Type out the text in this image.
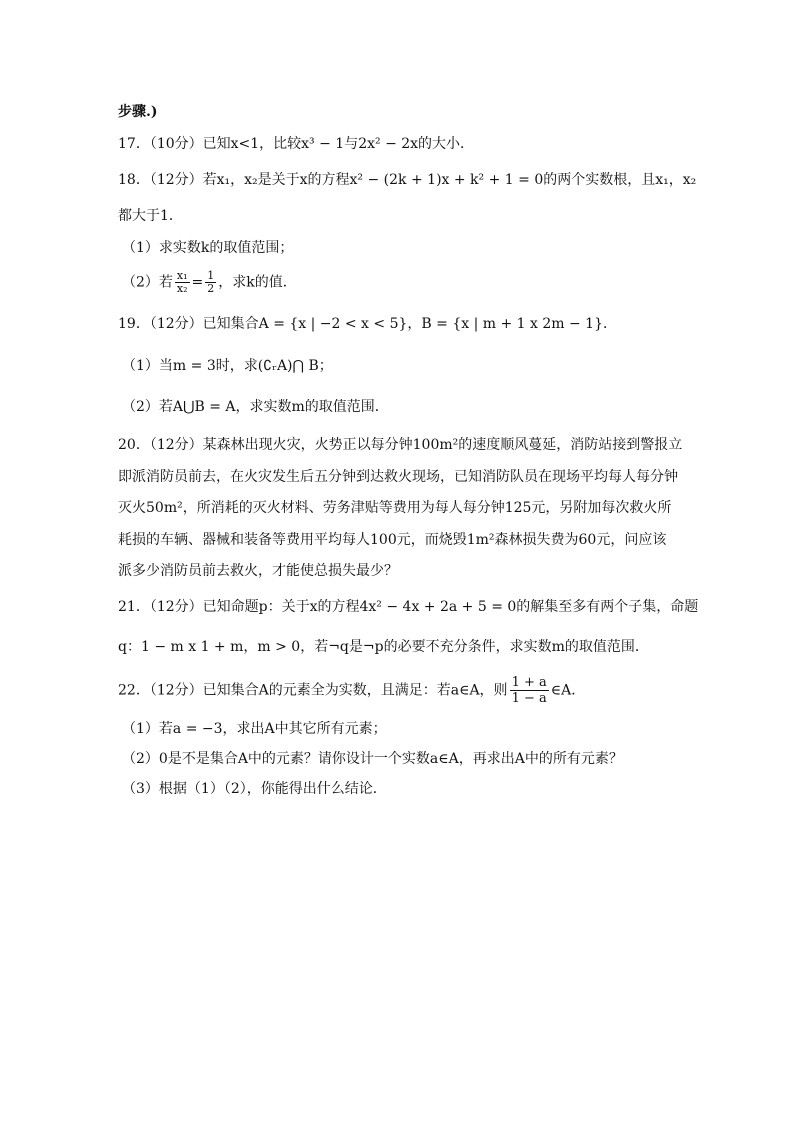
步骤.)
17．（10分）已知x<1，比较x³ − 1与2x² − 2x的大小．
18．（12分）若x₁，x₂是关于x的方程x² − (2k + 1)x + k² + 1 = 0的两个实数根，且x₁，x₂
都大于1．
（1）求实数k的取值范围；
（2）若 $\frac{\text{x₁}}{\text{x₂}} = \frac{1}{2}$ ，求k的值．
19．（12分）已知集合A = {x | −2 < x < 5}，B = {x | m + 1 x 2m − 1}．
（1）当m = 3时，求(∁ᵣA)⋂ B；
（2）若A⋃B = A，求实数m的取值范围．
20．（12分）某森林出现火灾，火势正以每分钟100m²的速度顺风蔓延，消防站接到警报立
即派消防员前去，在火灾发生后五分钟到达救火现场，已知消防队员在现场平均每人每分钟
灭火50m²，所消耗的灭火材料、劳务津贴等费用为每人每分钟125元，另附加每次救火所
耗损的车辆、器械和装备等费用平均每人100元，而烧毁1m²森林损失费为60元，问应该
派多少消防员前去救火，才能使总损失最少？
21．（12分）已知命题p：关于x的方程4x² − 4x + 2a + 5 = 0的解集至多有两个子集，命题
q：1 − m x 1 + m，m > 0，若¬q是¬p的必要不充分条件，求实数m的取值范围．
22．（12分）已知集合A的元素全为实数，且满足：若a∈A，则 $\frac{1 + a}{1 - a}$ ∈A．
（1）若a = −3，求出A中其它所有元素；
（2）0是不是集合A中的元素？请你设计一个实数a∈A，再求出A中的所有元素？
（3）根据（1）（2），你能得出什么结论．
